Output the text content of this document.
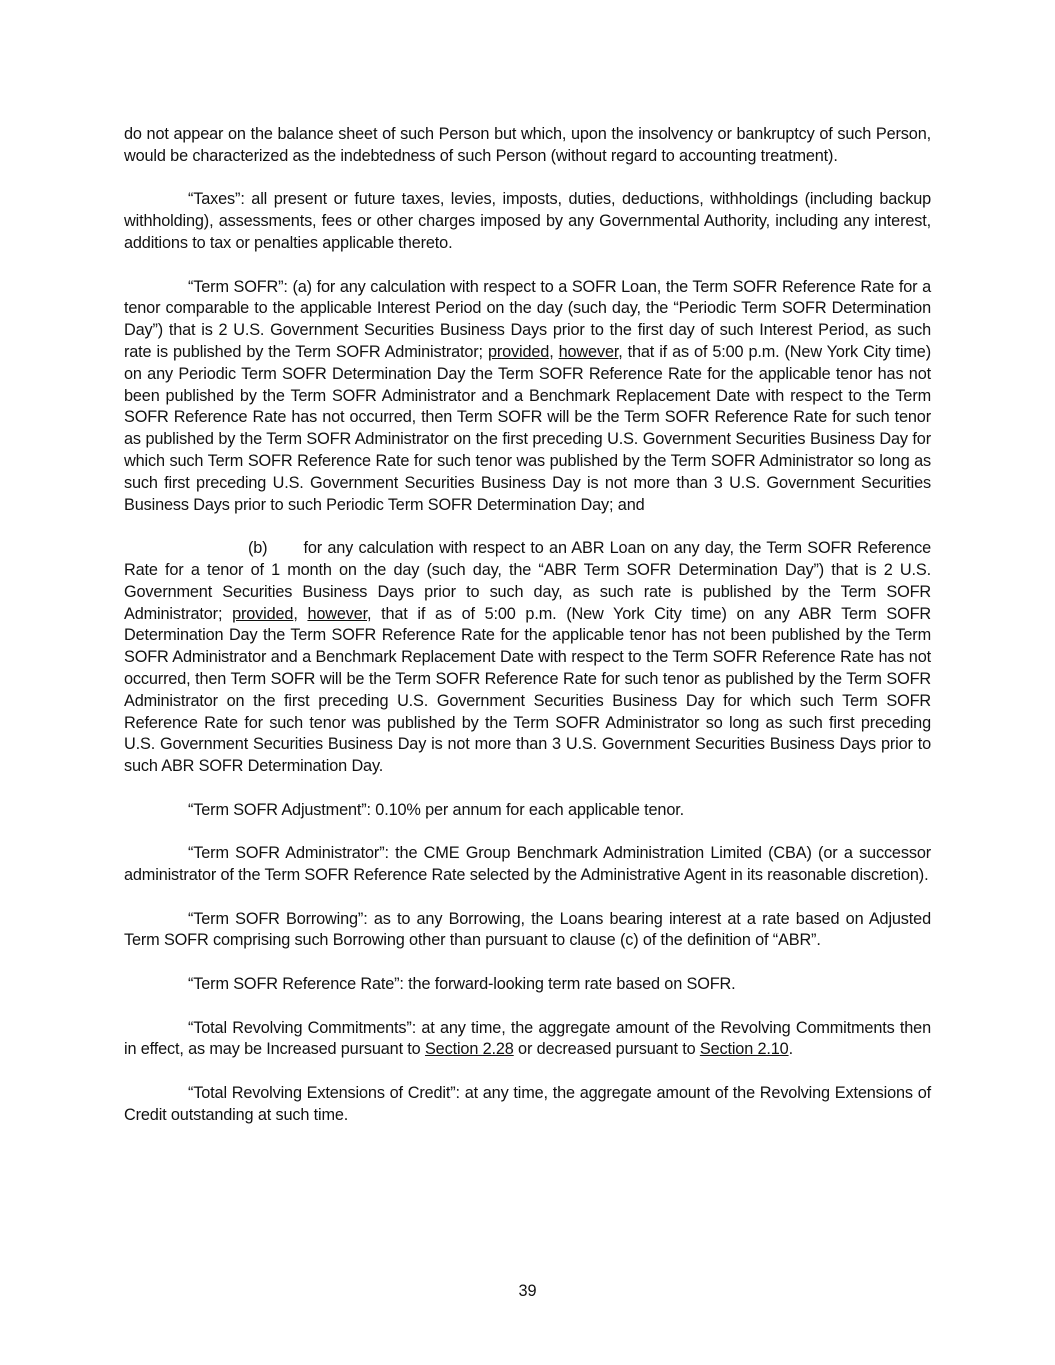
do not appear on the balance sheet of such Person but which, upon the insolvency or bankruptcy of such Person, would be characterized as the indebtedness of such Person (without regard to accounting treatment).

“Taxes”: all present or future taxes, levies, imposts, duties, deductions, withholdings (including backup withholding), assessments, fees or other charges imposed by any Governmental Authority, including any interest, additions to tax or penalties applicable thereto.

“Term SOFR”: (a) for any calculation with respect to a SOFR Loan, the Term SOFR Reference Rate for a tenor comparable to the applicable Interest Period on the day (such day, the “Periodic Term SOFR Determination Day”) that is 2 U.S. Government Securities Business Days prior to the first day of such Interest Period, as such rate is published by the Term SOFR Administrator; provided, however, that if as of 5:00 p.m. (New York City time) on any Periodic Term SOFR Determination Day the Term SOFR Reference Rate for the applicable tenor has not been published by the Term SOFR Administrator and a Benchmark Replacement Date with respect to the Term SOFR Reference Rate has not occurred, then Term SOFR will be the Term SOFR Reference Rate for such tenor as published by the Term SOFR Administrator on the first preceding U.S. Government Securities Business Day for which such Term SOFR Reference Rate for such tenor was published by the Term SOFR Administrator so long as such first preceding U.S. Government Securities Business Day is not more than 3 U.S. Government Securities Business Days prior to such Periodic Term SOFR Determination Day; and

(b) for any calculation with respect to an ABR Loan on any day, the Term SOFR Reference Rate for a tenor of 1 month on the day (such day, the “ABR Term SOFR Determination Day”) that is 2 U.S. Government Securities Business Days prior to such day, as such rate is published by the Term SOFR Administrator; provided, however, that if as of 5:00 p.m. (New York City time) on any ABR Term SOFR Determination Day the Term SOFR Reference Rate for the applicable tenor has not been published by the Term SOFR Administrator and a Benchmark Replacement Date with respect to the Term SOFR Reference Rate has not occurred, then Term SOFR will be the Term SOFR Reference Rate for such tenor as published by the Term SOFR Administrator on the first preceding U.S. Government Securities Business Day for which such Term SOFR Reference Rate for such tenor was published by the Term SOFR Administrator so long as such first preceding U.S. Government Securities Business Day is not more than 3 U.S. Government Securities Business Days prior to such ABR SOFR Determination Day.

“Term SOFR Adjustment”: 0.10% per annum for each applicable tenor.

“Term SOFR Administrator”: the CME Group Benchmark Administration Limited (CBA) (or a successor administrator of the Term SOFR Reference Rate selected by the Administrative Agent in its reasonable discretion).

“Term SOFR Borrowing”: as to any Borrowing, the Loans bearing interest at a rate based on Adjusted Term SOFR comprising such Borrowing other than pursuant to clause (c) of the definition of “ABR”.

“Term SOFR Reference Rate”: the forward-looking term rate based on SOFR.

“Total Revolving Commitments”: at any time, the aggregate amount of the Revolving Commitments then in effect, as may be Increased pursuant to Section 2.28 or decreased pursuant to Section 2.10.

“Total Revolving Extensions of Credit”: at any time, the aggregate amount of the Revolving Extensions of Credit outstanding at such time.

39
